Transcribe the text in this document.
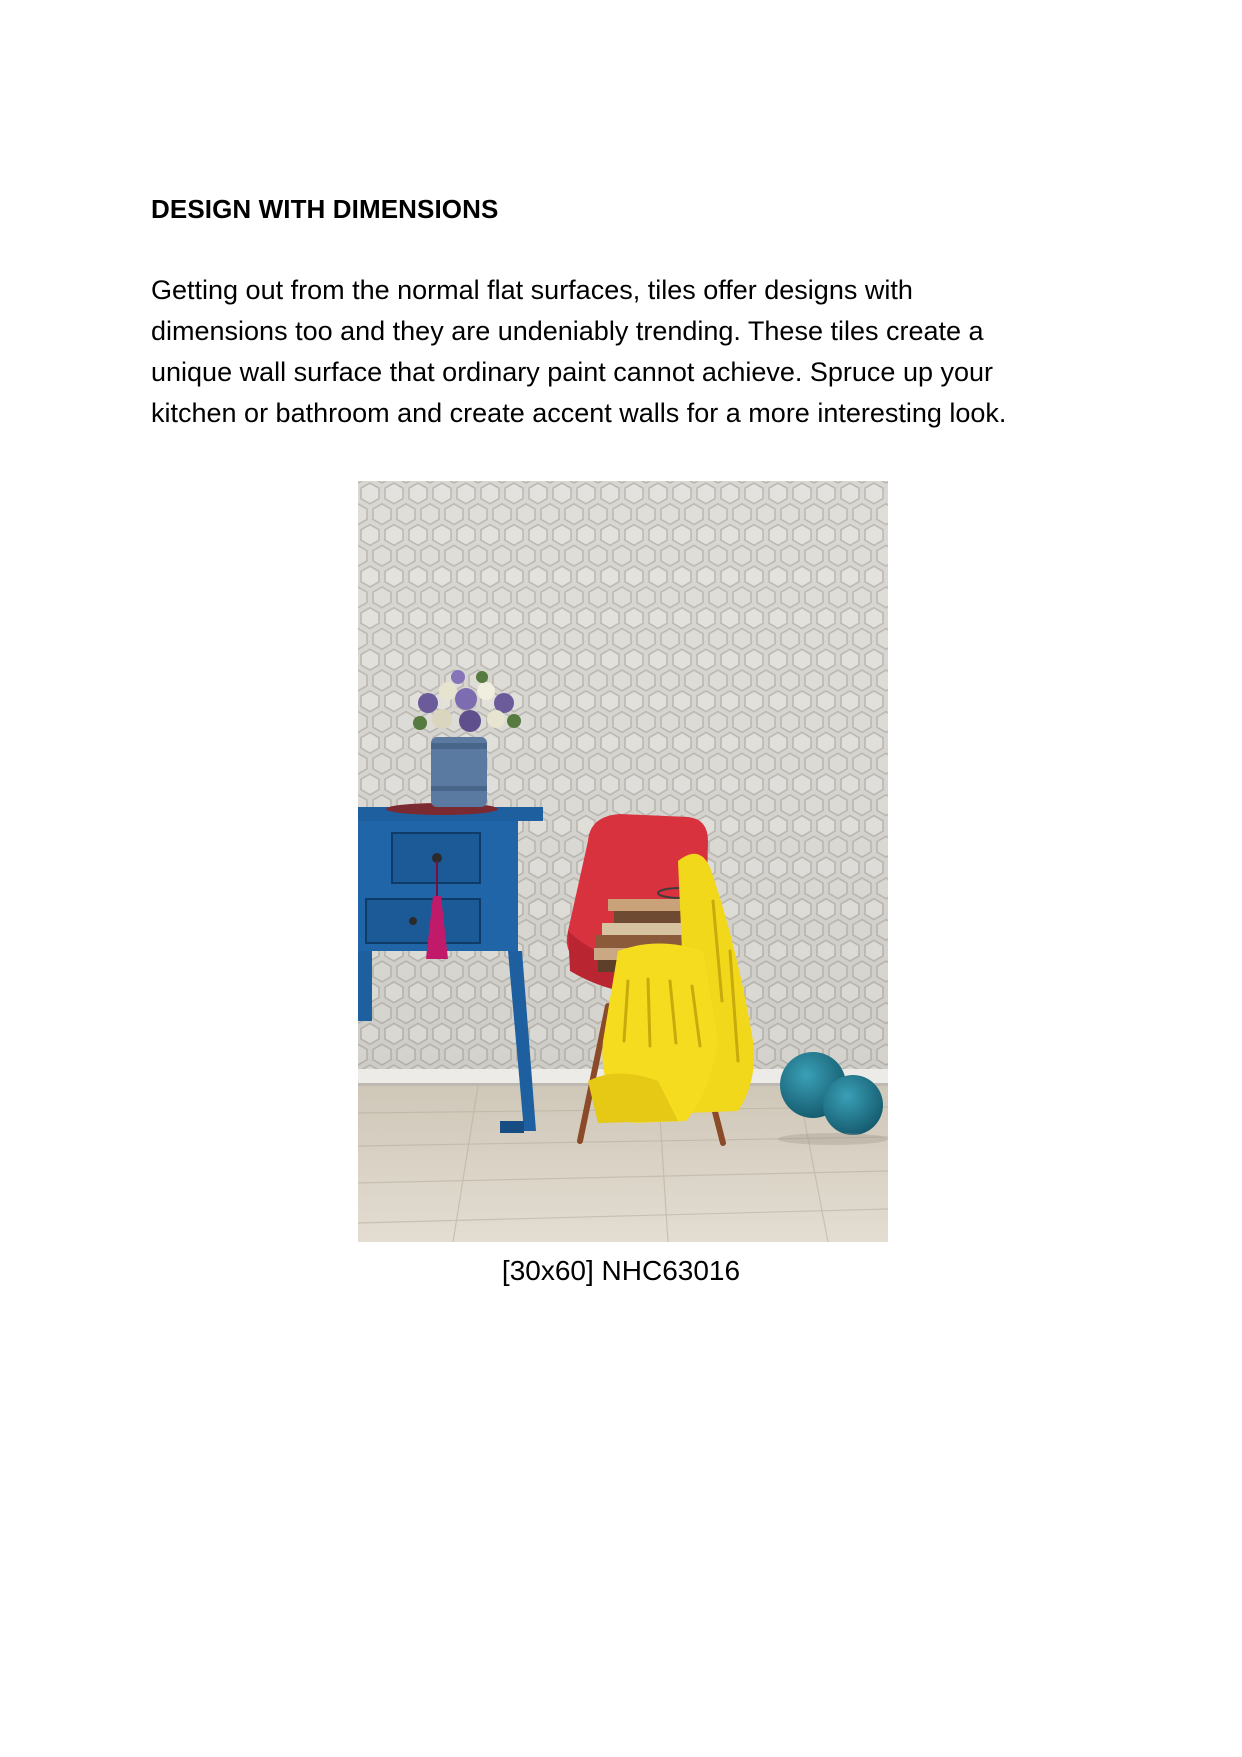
DESIGN WITH DIMENSIONS

Getting out from the normal flat surfaces, tiles offer designs with
dimensions too and they are undeniably trending. These tiles create a
unique wall surface that ordinary paint cannot achieve. Spruce up your
kitchen or bathroom and create accent walls for a more interesting look.

[30x60] NHC63016
